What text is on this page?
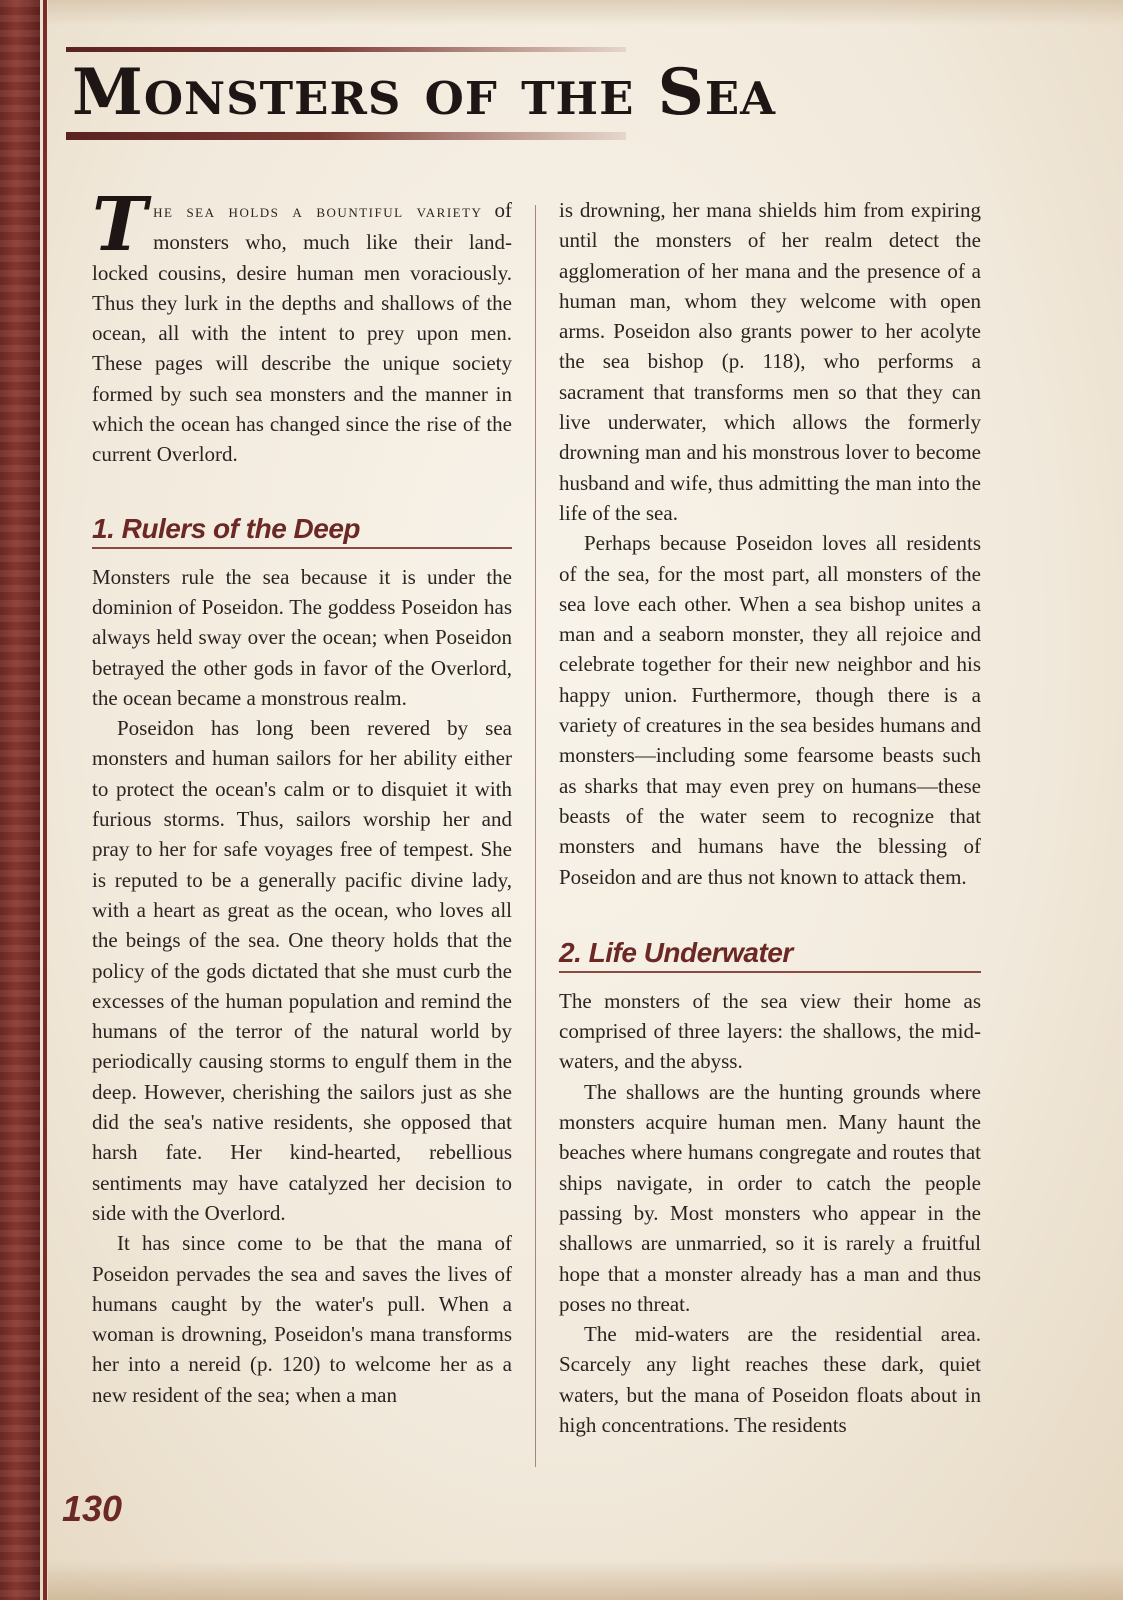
Monsters of the Sea

The sea holds a bountiful variety of monsters who, much like their land-locked cousins, desire human men voraciously. Thus they lurk in the depths and shallows of the ocean, all with the intent to prey upon men. These pages will describe the unique society formed by such sea monsters and the manner in which the ocean has changed since the rise of the current Overlord.

1. Rulers of the Deep

Monsters rule the sea because it is under the dominion of Poseidon. The goddess Poseidon has always held sway over the ocean; when Poseidon betrayed the other gods in favor of the Overlord, the ocean became a monstrous realm.

Poseidon has long been revered by sea monsters and human sailors for her ability either to protect the ocean's calm or to disquiet it with furious storms. Thus, sailors worship her and pray to her for safe voyages free of tempest. She is reputed to be a generally pacific divine lady, with a heart as great as the ocean, who loves all the beings of the sea. One theory holds that the policy of the gods dictated that she must curb the excesses of the human population and remind the humans of the terror of the natural world by periodically causing storms to engulf them in the deep. However, cherishing the sailors just as she did the sea's native residents, she opposed that harsh fate. Her kind-hearted, rebellious sentiments may have catalyzed her decision to side with the Overlord.

It has since come to be that the mana of Poseidon pervades the sea and saves the lives of humans caught by the water's pull. When a woman is drowning, Poseidon's mana transforms her into a nereid (p. 120) to welcome her as a new resident of the sea; when a man

is drowning, her mana shields him from expiring until the monsters of her realm detect the agglomeration of her mana and the presence of a human man, whom they welcome with open arms. Poseidon also grants power to her acolyte the sea bishop (p. 118), who performs a sacrament that transforms men so that they can live underwater, which allows the formerly drowning man and his monstrous lover to become husband and wife, thus admitting the man into the life of the sea.

Perhaps because Poseidon loves all residents of the sea, for the most part, all monsters of the sea love each other. When a sea bishop unites a man and a seaborn monster, they all rejoice and celebrate together for their new neighbor and his happy union. Furthermore, though there is a variety of creatures in the sea besides humans and monsters—including some fearsome beasts such as sharks that may even prey on humans—these beasts of the water seem to recognize that monsters and humans have the blessing of Poseidon and are thus not known to attack them.

2. Life Underwater

The monsters of the sea view their home as comprised of three layers: the shallows, the mid-waters, and the abyss.

The shallows are the hunting grounds where monsters acquire human men. Many haunt the beaches where humans congregate and routes that ships navigate, in order to catch the people passing by. Most monsters who appear in the shallows are unmarried, so it is rarely a fruitful hope that a monster already has a man and thus poses no threat.

The mid-waters are the residential area. Scarcely any light reaches these dark, quiet waters, but the mana of Poseidon floats about in high concentrations. The residents

130
